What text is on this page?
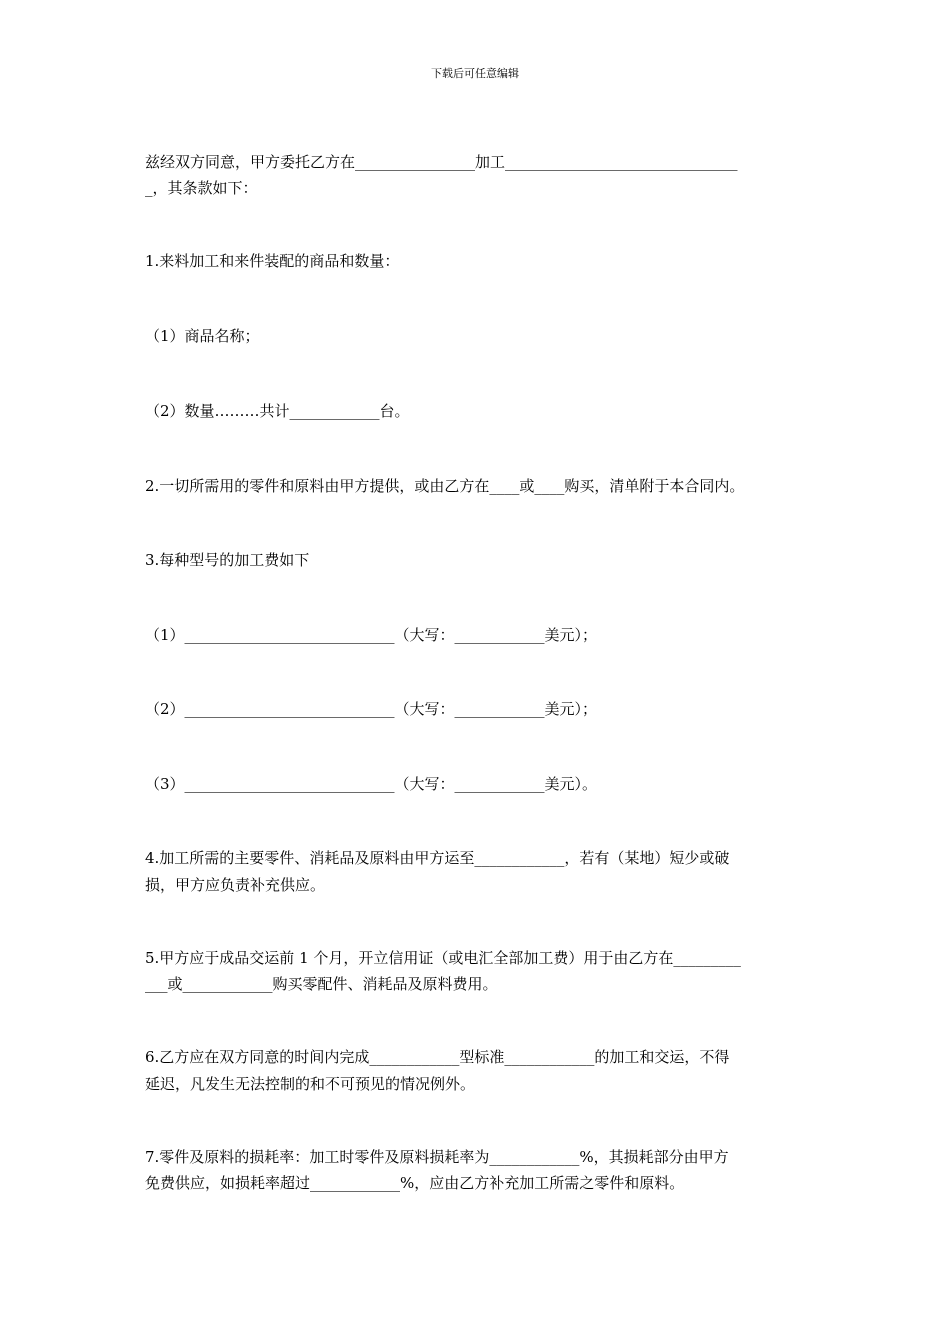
下载后可任意编辑
兹经双方同意，甲方委托乙方在________________加工_______________________________
_，其条款如下：
1.来料加工和来件装配的商品和数量：
（1）商品名称；
（2）数量………共计____________台。
2.一切所需用的零件和原料由甲方提供，或由乙方在____或____购买，清单附于本合同内。
3.每种型号的加工费如下
（1）____________________________（大写：____________美元）；
（2）____________________________（大写：____________美元）；
（3）____________________________（大写：____________美元）。
4.加工所需的主要零件、消耗品及原料由甲方运至____________，若有（某地）短少或破
损，甲方应负责补充供应。
5.甲方应于成品交运前 1 个月，开立信用证（或电汇全部加工费）用于由乙方在_________
___或____________购买零配件、消耗品及原料费用。
6.乙方应在双方同意的时间内完成____________型标准____________的加工和交运，不得
延迟，凡发生无法控制的和不可预见的情况例外。
7.零件及原料的损耗率：加工时零件及原料损耗率为____________%，其损耗部分由甲方
免费供应，如损耗率超过____________%，应由乙方补充加工所需之零件和原料。
